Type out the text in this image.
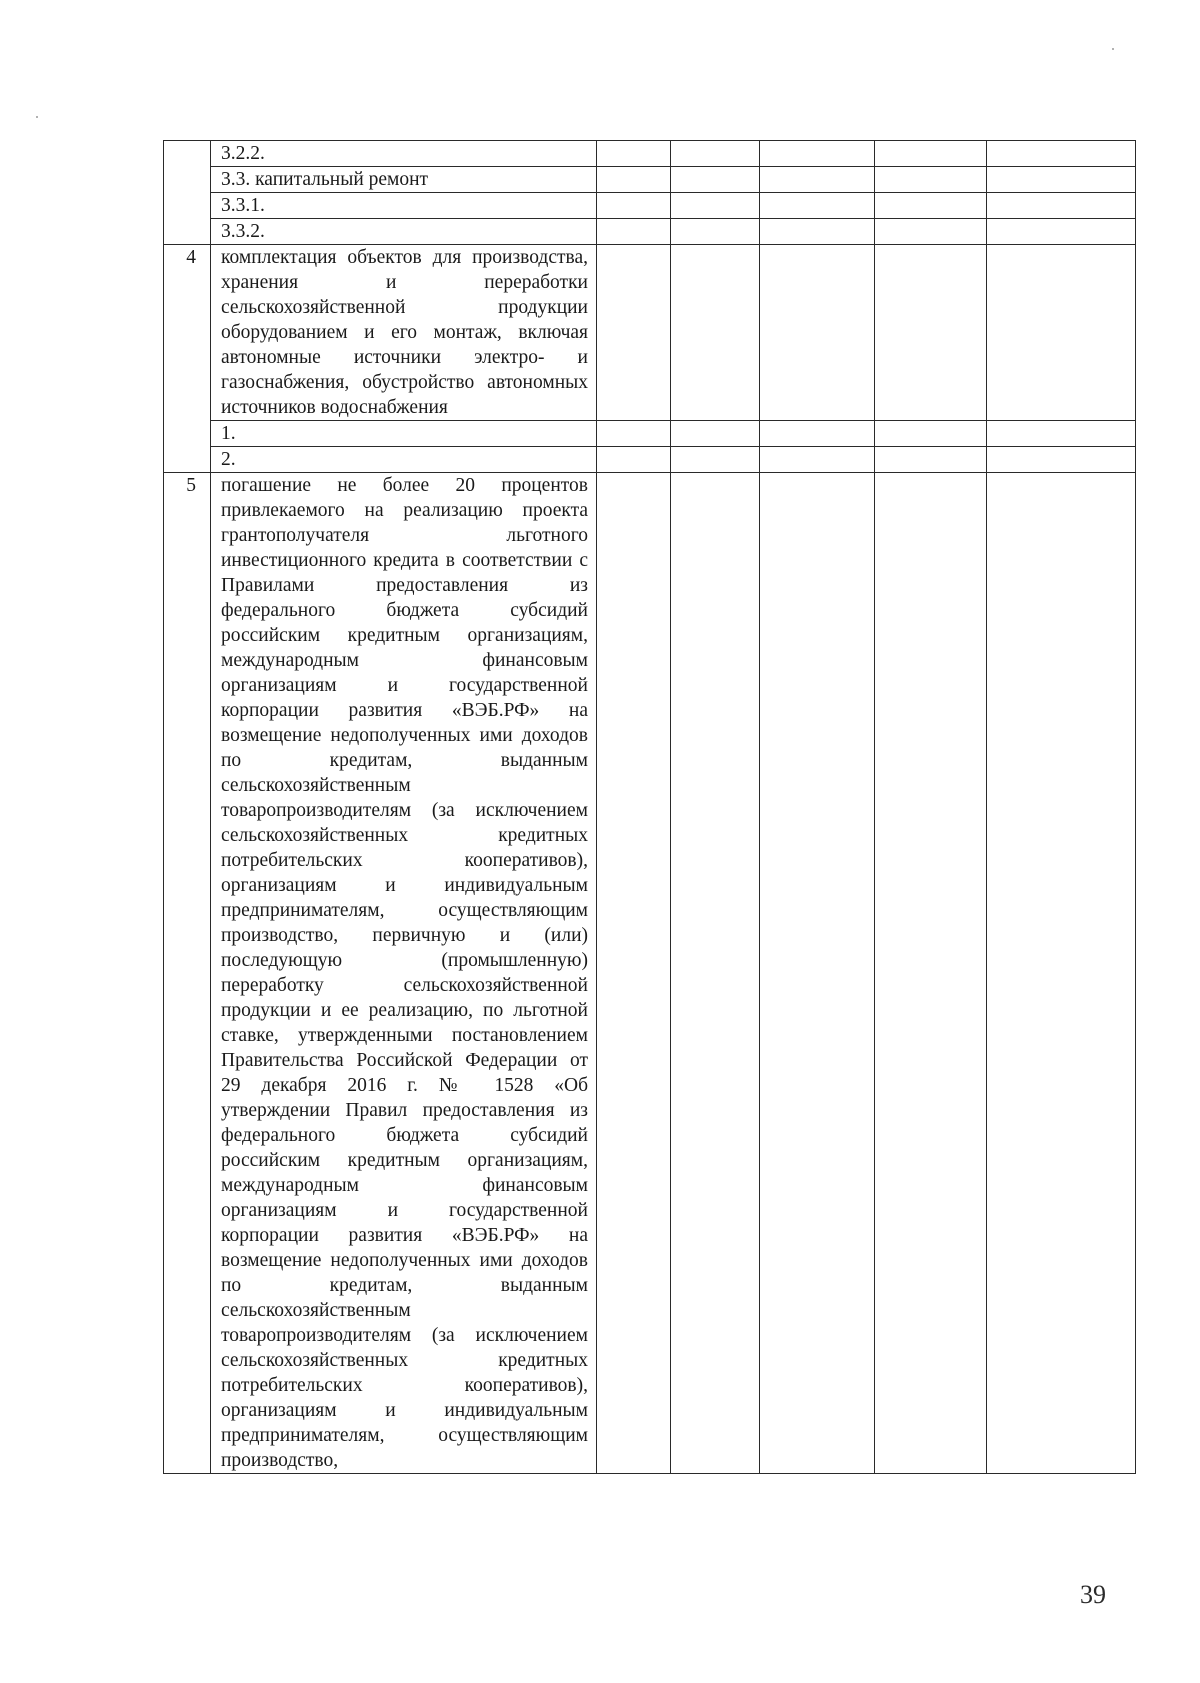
	3.2.2.					
	3.3. капитальный ремонт					
	3.3.1.					
	3.3.2.					
4	комплектация объектов для производства, хранения и переработки сельскохозяйственной продукции оборудованием и его монтаж, включая автономные источники электро- и газоснабжения, обустройство автономных источников водоснабжения					
	1.					
	2.					
5	погашение не более 20 процентов привлекаемого на реализацию проекта грантополучателя льготного инвестиционного кредита в соответствии с Правилами предоставления из федерального бюджета субсидий российским кредитным организациям, международным финансовым организациям и государственной корпорации развития «ВЭБ.РФ» на возмещение недополученных ими доходов по кредитам, выданным сельскохозяйственным товаропроизводителям (за исключением сельскохозяйственных кредитных потребительских кооперативов), организациям и индивидуальным предпринимателям, осуществляющим производство, первичную и (или) последующую (промышленную) переработку сельскохозяйственной продукции и ее реализацию, по льготной ставке, утвержденными постановлением Правительства Российской Федерации от 29 декабря 2016 г. № 1528 «Об утверждении Правил предоставления из федерального бюджета субсидий российским кредитным организациям, международным финансовым организациям и государственной корпорации развития «ВЭБ.РФ» на возмещение недополученных ими доходов по кредитам, выданным сельскохозяйственным товаропроизводителям (за исключением сельскохозяйственных кредитных потребительских кооперативов), организациям и индивидуальным предпринимателям, осуществляющим производство,					
39
